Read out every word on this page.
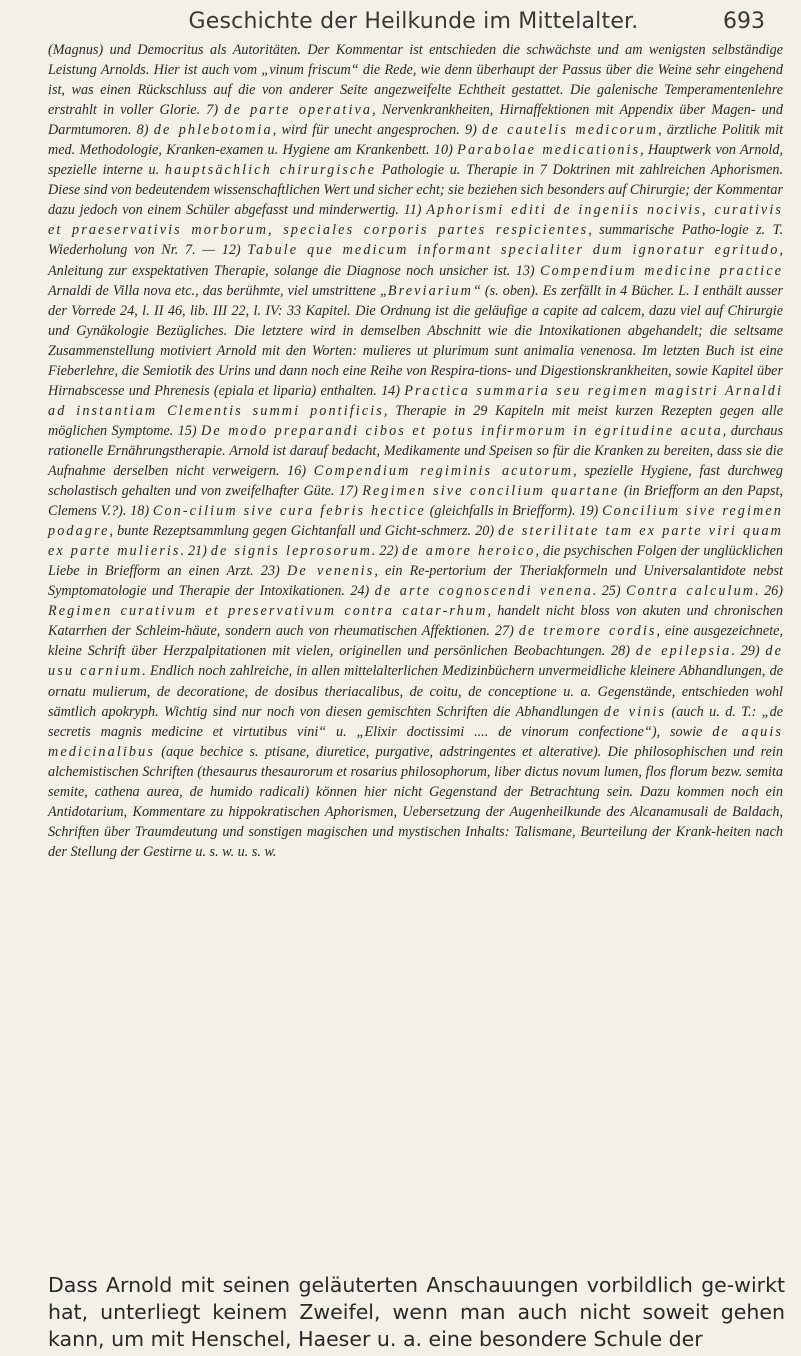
Geschichte der Heilkunde im Mittelalter.	693
(Magnus) und Democritus als Autoritäten. Der Kommentar ist entschieden die schwächste und am wenigsten selbständige Leistung Arnolds. Hier ist auch vom „vinum friscum“ die Rede, wie denn überhaupt der Passus über die Weine sehr eingehend ist, was einen Rückschluss auf die von anderer Seite angezweifelte Echtheit gestattet. Die galenische Temperamentenlehre erstrahlt in voller Glorie. 7) de parte operativa, Nervenkrankheiten, Hirnaffektionen mit Appendix über Magen- und Darmtumoren. 8) de phlebotomia, wird für unecht angesprochen. 9) de cautelis medicorum, ärztliche Politik mit med. Methodologie, Kranken-examen u. Hygiene am Krankenbett. 10) Parabolae medicationis, Hauptwerk von Arnold, spezielle interne u. hauptsächlich chirurgische Pathologie u. Therapie in 7 Doktrinen mit zahlreichen Aphorismen. Diese sind von bedeutendem wissenschaftlichen Wert und sicher echt; sie beziehen sich besonders auf Chirurgie; der Kommentar dazu jedoch von einem Schüler abgefasst und minderwertig. 11) Aphorismi editi de ingeniis nocivis, curativis et praeservativis morborum, speciales corporis partes respicientes, summarische Patho-logie z. T. Wiederholung von Nr. 7. — 12) Tabule que medicum informant specialiter dum ignoratur egritudo, Anleitung zur exspektativen Therapie, solange die Diagnose noch unsicher ist. 13) Compendium medicine practice Arnaldi de Villa nova etc., das berühmte, viel umstrittene „Breviarium“ (s. oben). Es zerfällt in 4 Bücher. L. I enthält ausser der Vorrede 24, l. II 46, lib. III 22, l. IV: 33 Kapitel. Die Ordnung ist die geläufige a capite ad calcem, dazu viel auf Chirurgie und Gynäkologie Bezügliches. Die letztere wird in demselben Abschnitt wie die Intoxikationen abgehandelt; die seltsame Zusammenstellung motiviert Arnold mit den Worten: mulieres ut plurimum sunt animalia venenosa. Im letzten Buch ist eine Fieberlehre, die Semiotik des Urins und dann noch eine Reihe von Respira-tions- und Digestionskrankheiten, sowie Kapitel über Hirnabscesse und Phrenesis (epiala et liparia) enthalten. 14) Practica summaria seu regimen magistri Arnaldi ad instantiam Clementis summi pontificis, Therapie in 29 Kapiteln mit meist kurzen Rezepten gegen alle möglichen Symptome. 15) De modo preparandi cibos et potus infirmorum in egritudine acuta, durchaus rationelle Ernährungstherapie. Arnold ist darauf bedacht, Medikamente und Speisen so für die Kranken zu bereiten, dass sie die Aufnahme derselben nicht verweigern. 16) Compendium regiminis acutorum, spezielle Hygiene, fast durchweg scholastisch gehalten und von zweifelhafter Güte. 17) Regimen sive concilium quartane (in Briefform an den Papst, Clemens V.?). 18) Con-cilium sive cura febris hectice (gleichfalls in Briefform). 19) Concilium sive regimen podagre, bunte Rezeptsammlung gegen Gichtanfall und Gicht-schmerz. 20) de sterilitate tam ex parte viri quam ex parte mulieris. 21) de signis leprosorum. 22) de amore heroico, die psychischen Folgen der unglücklichen Liebe in Briefform an einen Arzt. 23) De venenis, ein Re-pertorium der Theriakformeln und Universalantidote nebst Symptomatologie und Therapie der Intoxikationen. 24) de arte cognoscendi venena. 25) Contra calculum. 26) Regimen curativum et preservativum contra catar-rhum, handelt nicht bloss von akuten und chronischen Katarrhen der Schleim-häute, sondern auch von rheumatischen Affektionen. 27) de tremore cordis, eine ausgezeichnete, kleine Schrift über Herzpalpitationen mit vielen, originellen und persönlichen Beobachtungen. 28) de epilepsia. 29) de usu carnium. Endlich noch zahlreiche, in allen mittelalterlichen Medizinbüchern unvermeidliche kleinere Abhandlungen, de ornatu mulierum, de decoratione, de dosibus theriacalibus, de coitu, de conceptione u. a. Gegenstände, entschieden wohl sämtlich apokryph. Wichtig sind nur noch von diesen gemischten Schriften die Abhandlungen de vinis (auch u. d. T.: „de secretis magnis medicine et virtutibus vini“ u. „Elixir doctissimi .... de vinorum confectione“), sowie de aquis medicinalibus (aque bechice s. ptisane, diuretice, purgative, adstringentes et alterative). Die philosophischen und rein alchemistischen Schriften (thesaurus thesaurorum et rosarius philosophorum, liber dictus novum lumen, flos florum bezw. semita semite, cathena aurea, de humido radicali) können hier nicht Gegenstand der Betrachtung sein. Dazu kommen noch ein Antidotarium, Kommentare zu hippokratischen Aphorismen, Uebersetzung der Augenheilkunde des Alcanamusali de Baldach, Schriften über Traumdeutung und sonstigen magischen und mystischen Inhalts: Talismane, Beurteilung der Krank-heiten nach der Stellung der Gestirne u. s. w. u. s. w.
Dass Arnold mit seinen geläuterten Anschauungen vorbildlich ge-wirkt hat, unterliegt keinem Zweifel, wenn man auch nicht soweit gehen kann, um mit Henschel, Haeser u. a. eine besondere Schule der
